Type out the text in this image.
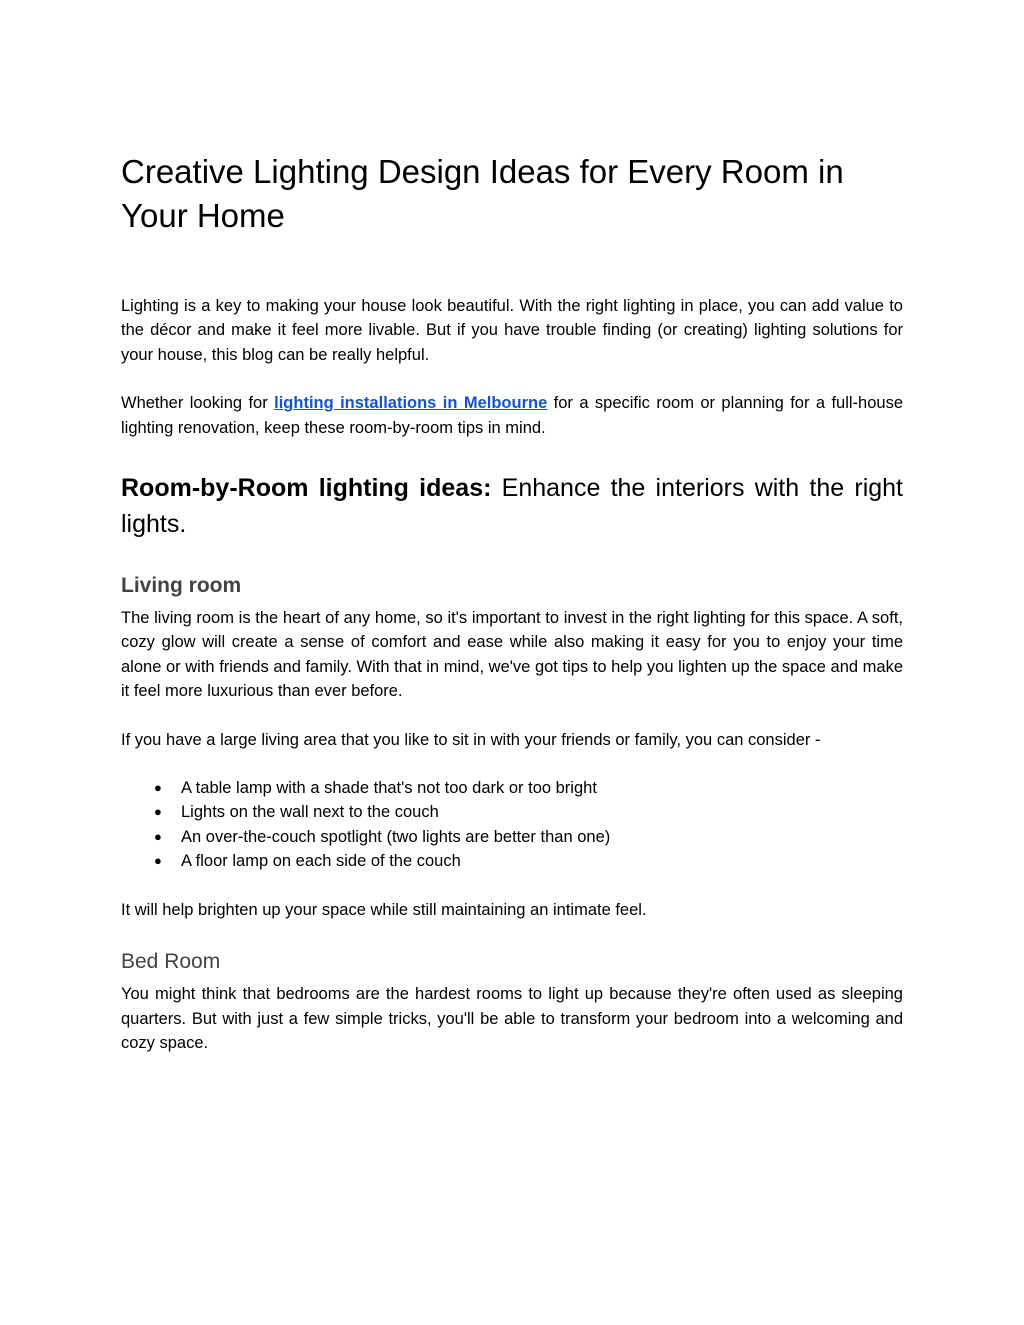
Creative Lighting Design Ideas for Every Room in Your Home

Lighting is a key to making your house look beautiful. With the right lighting in place, you can add value to the décor and make it feel more livable. But if you have trouble finding (or creating) lighting solutions for your house, this blog can be really helpful.

Whether looking for lighting installations in Melbourne for a specific room or planning for a full-house lighting renovation, keep these room-by-room tips in mind.

Room-by-Room lighting ideas: Enhance the interiors with the right lights.
Living room

The living room is the heart of any home, so it's important to invest in the right lighting for this space. A soft, cozy glow will create a sense of comfort and ease while also making it easy for you to enjoy your time alone or with friends and family. With that in mind, we've got tips to help you lighten up the space and make it feel more luxurious than ever before.

If you have a large living area that you like to sit in with your friends or family, you can consider -

● A table lamp with a shade that's not too dark or too bright
● Lights on the wall next to the couch
● An over-the-couch spotlight (two lights are better than one)
● A floor lamp on each side of the couch

It will help brighten up your space while still maintaining an intimate feel.

Bed Room

You might think that bedrooms are the hardest rooms to light up because they're often used as sleeping quarters. But with just a few simple tricks, you'll be able to transform your bedroom into a welcoming and cozy space.
